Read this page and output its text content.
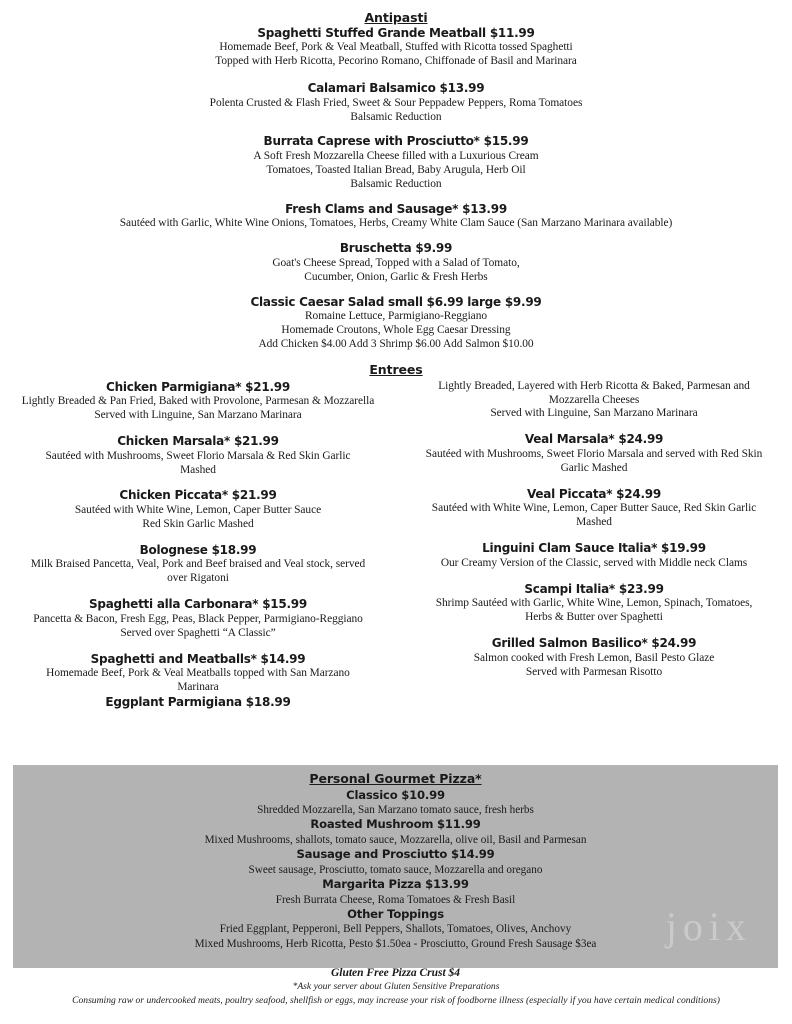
Antipasti
Spaghetti Stuffed Grande Meatball $11.99
Homemade Beef, Pork & Veal Meatball, Stuffed with Ricotta tossed Spaghetti
Topped with Herb Ricotta, Pecorino Romano, Chiffonade of Basil and Marinara
Calamari Balsamico $13.99
Polenta Crusted & Flash Fried, Sweet & Sour Peppadew Peppers, Roma Tomatoes
Balsamic Reduction
Burrata Caprese with Prosciutto* $15.99
A Soft Fresh Mozzarella Cheese filled with a Luxurious Cream
Tomatoes, Toasted Italian Bread, Baby Arugula, Herb Oil
Balsamic Reduction
Fresh Clams and Sausage* $13.99
Sautéed with Garlic, White Wine Onions, Tomatoes, Herbs, Creamy White Clam Sauce (San Marzano Marinara available)
Bruschetta $9.99
Goat's Cheese Spread, Topped with a Salad of Tomato,
Cucumber, Onion, Garlic & Fresh Herbs
Classic Caesar Salad small $6.99 large $9.99
Romaine Lettuce, Parmigiano-Reggiano
Homemade Croutons, Whole Egg Caesar Dressing
Add Chicken $4.00 Add 3 Shrimp $6.00 Add Salmon $10.00
Entrees
Chicken Parmigiana* $21.99
Lightly Breaded & Pan Fried, Baked with Provolone, Parmesan & Mozzarella
Served with Linguine, San Marzano Marinara
Chicken Marsala* $21.99
Sautéed with Mushrooms, Sweet Florio Marsala & Red Skin Garlic
Mashed
Chicken Piccata* $21.99
Sautéed with White Wine, Lemon, Caper Butter Sauce
Red Skin Garlic Mashed
Bolognese $18.99
Milk Braised Pancetta, Veal, Pork and Beef braised and Veal stock, served
over Rigatoni
Spaghetti alla Carbonara* $15.99
Pancetta & Bacon, Fresh Egg, Peas, Black Pepper, Parmigiano-Reggiano
Served over Spaghetti “A Classic”
Spaghetti and Meatballs* $14.99
Homemade Beef, Pork & Veal Meatballs topped with San Marzano
Marinara
Eggplant Parmigiana $18.99
Lightly Breaded, Layered with Herb Ricotta & Baked, Parmesan and
Mozzarella Cheeses
Served with Linguine, San Marzano Marinara
Veal Marsala* $24.99
Sautéed with Mushrooms, Sweet Florio Marsala and served with Red Skin
Garlic Mashed
Veal Piccata* $24.99
Sautéed with White Wine, Lemon, Caper Butter Sauce, Red Skin Garlic
Mashed
Linguini Clam Sauce Italia* $19.99
Our Creamy Version of the Classic, served with Middle neck Clams
Scampi Italia* $23.99
Shrimp Sautéed with Garlic, White Wine, Lemon, Spinach, Tomatoes,
Herbs & Butter over Spaghetti
Grilled Salmon Basilico* $24.99
Salmon cooked with Fresh Lemon, Basil Pesto Glaze
Served with Parmesan Risotto
Personal Gourmet Pizza*
Classico $10.99
Shredded Mozzarella, San Marzano tomato sauce, fresh herbs
Roasted Mushroom $11.99
Mixed Mushrooms, shallots, tomato sauce, Mozzarella, olive oil, Basil and Parmesan
Sausage and Prosciutto $14.99
Sweet sausage, Prosciutto, tomato sauce, Mozzarella and oregano
Margarita Pizza $13.99
Fresh Burrata Cheese, Roma Tomatoes & Fresh Basil
Other Toppings
Fried Eggplant, Pepperoni, Bell Peppers, Shallots, Tomatoes, Olives, Anchovy
Mixed Mushrooms, Herb Ricotta, Pesto $1.50ea - Prosciutto, Ground Fresh Sausage $3ea
Gluten Free Pizza Crust $4
joix

*Ask your server about Gluten Sensitive Preparations

Consuming raw or undercooked meats, poultry seafood, shellfish or eggs, may increase your risk of foodborne illness (especially if you have certain medical conditions)
